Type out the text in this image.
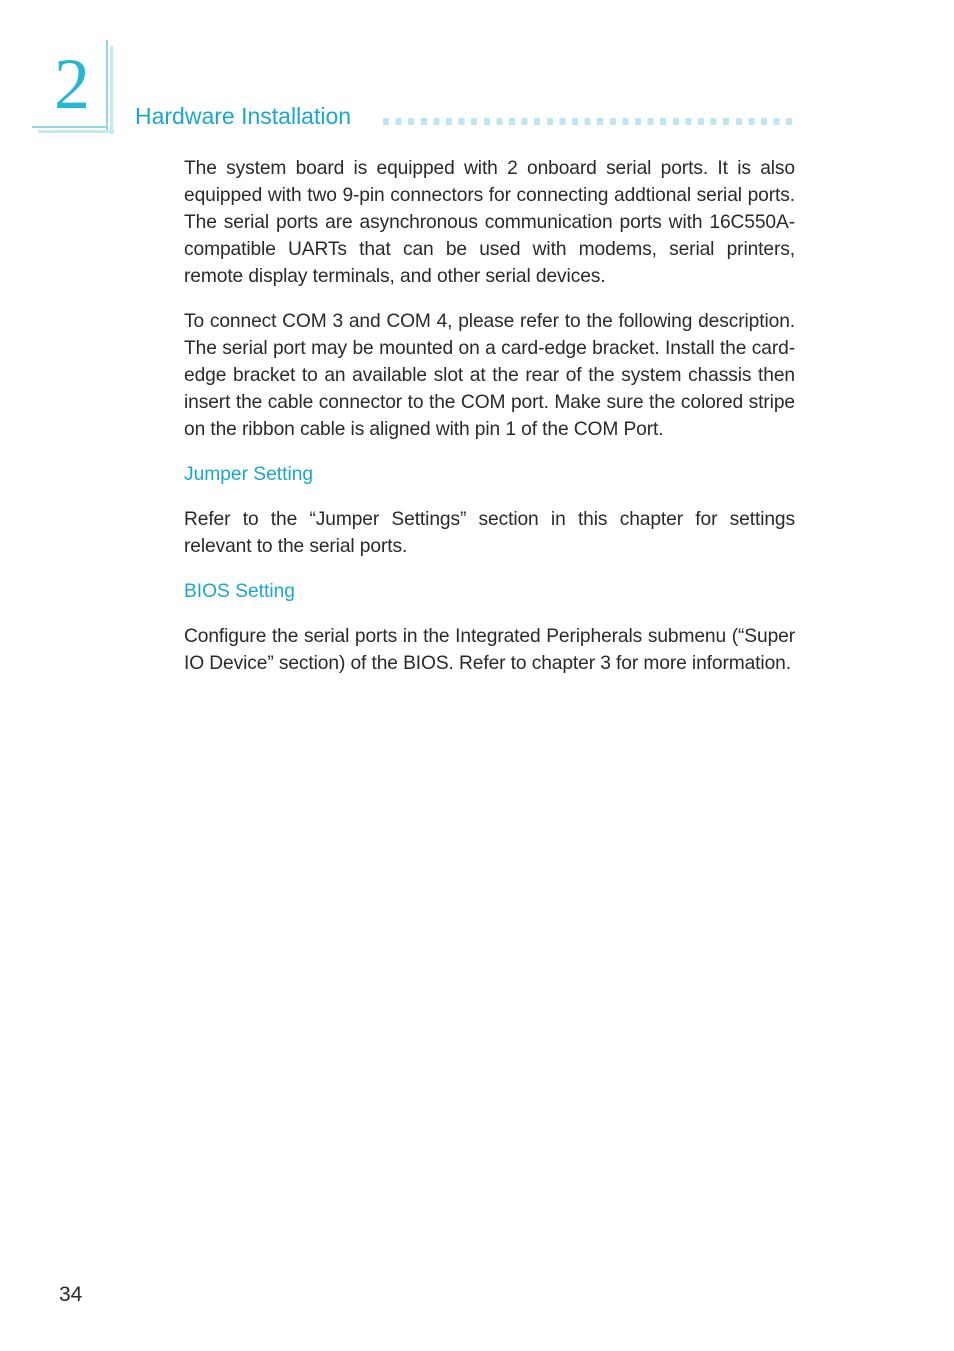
2 Hardware Installation

The system board is equipped with 2 onboard serial ports. It is also equipped with two 9-pin connectors for connecting addtional serial ports. The serial ports are asynchronous communication ports with 16C550A-compatible UARTs that can be used with modems, serial printers, remote display terminals, and other serial devices.

To connect COM 3 and COM 4, please refer to the following description. The serial port may be mounted on a card-edge bracket. Install the card-edge bracket to an available slot at the rear of the system chassis then insert the cable connector to the COM port. Make sure the colored stripe on the ribbon cable is aligned with pin 1 of the COM Port.

Jumper Setting

Refer to the “Jumper Settings” section in this chapter for settings relevant to the serial ports.

BIOS Setting

Configure the serial ports in the Integrated Peripherals submenu (“Super IO Device” section) of the BIOS. Refer to chapter 3 for more information.

34
